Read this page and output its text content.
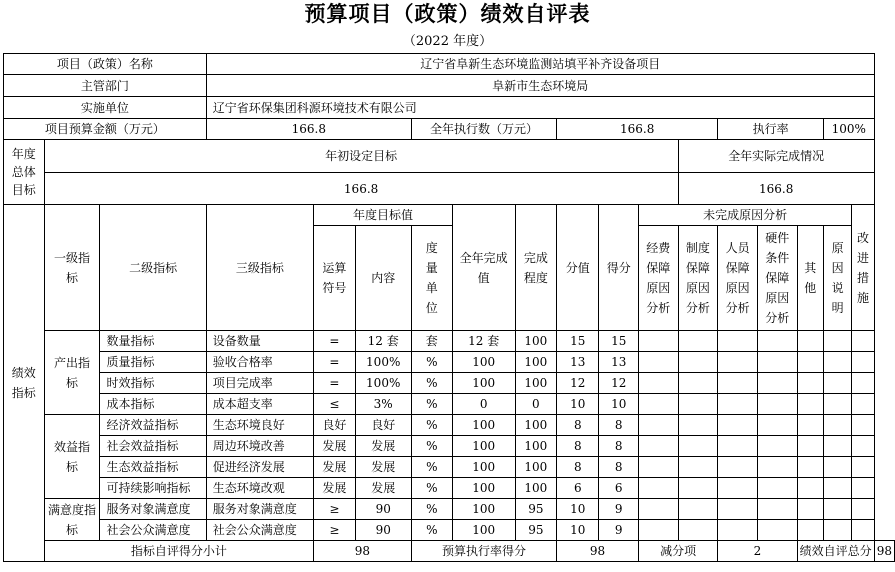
预算项目（政策）绩效自评表
（2022 年度）
项目（政策）名称			辽宁省阜新生态环境监测站填平补齐设备项目															
主管部门			阜新市生态环境局															
实施单位			辽宁省环保集团科源环境技术有限公司															
项目预算金额（万元）			166.8			全年执行数（万元）			166.8				执行率			100%		
年度总体目标	年初设定目标											全年实际完成情况						
	166.8											166.8						

绩效指标	一级指标	二级指标	三级指标	年度目标值			全年完成值	完成程度	分值	得分	未完成原因分析						改进措施	

				运算符号	内容	度量单位					经费保障原因分析	制度保障原因分析	人员保障原因分析	硬件条件保障原因分析	其他	原因说明		

	产出指标	数量指标	设备数量	=	12 套	套	12 套	100	15	15								
		质量指标	验收合格率	=	100%	%	100	100	13	13								
		时效指标	项目完成率	=	100%	%	100	100	12	12								
		成本指标	成本超支率	≤	3%	%	0	0	10	10								

	效益指标	经济效益指标	生态环境良好	良好	良好	%	100	100	8	8								
		社会效益指标	周边环境改善	发展	发展	%	100	100	8	8								
		生态效益指标	促进经济发展	发展	发展	%	100	100	8	8								
		可持续影响指标	生态环境改观	发展	发展	%	100	100	6	6								

	满意度指标	服务对象满意度	服务对象满意度	≥	90	%	100	95	10	9								
		社会公众满意度	社会公众满意度	≥	90	%	100	95	10	9								
	指标自评得分小计			98		预算执行率得分			98		减分项		2		绩效自评总分			98
